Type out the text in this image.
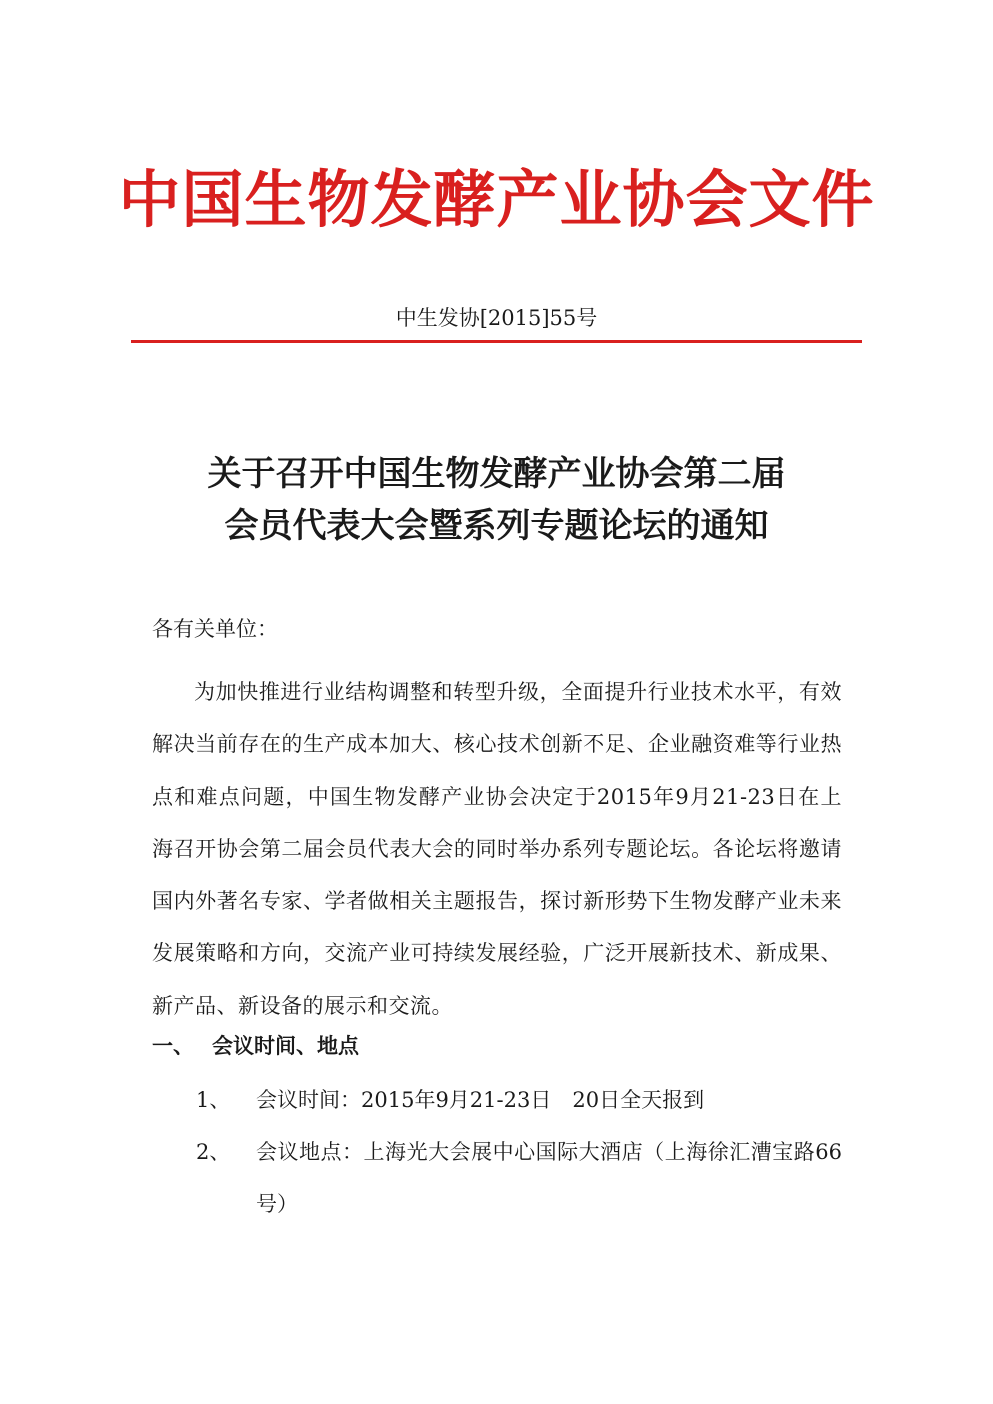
中国生物发酵产业协会文件
中生发协[2015]55号
关于召开中国生物发酵产业协会第二届
会员代表大会暨系列专题论坛的通知
各有关单位：
为加快推进行业结构调整和转型升级，全面提升行业技术水平，有效解决当前存在的生产成本加大、核心技术创新不足、企业融资难等行业热点和难点问题，中国生物发酵产业协会决定于2015年9月21-23日在上海召开协会第二届会员代表大会的同时举办系列专题论坛。各论坛将邀请国内外著名专家、学者做相关主题报告，探讨新形势下生物发酵产业未来发展策略和方向，交流产业可持续发展经验，广泛开展新技术、新成果、新产品、新设备的展示和交流。
一、 会议时间、地点
1、 会议时间：2015年9月21-23日　20日全天报到
2、 会议地点：上海光大会展中心国际大酒店（上海徐汇漕宝路66号）
